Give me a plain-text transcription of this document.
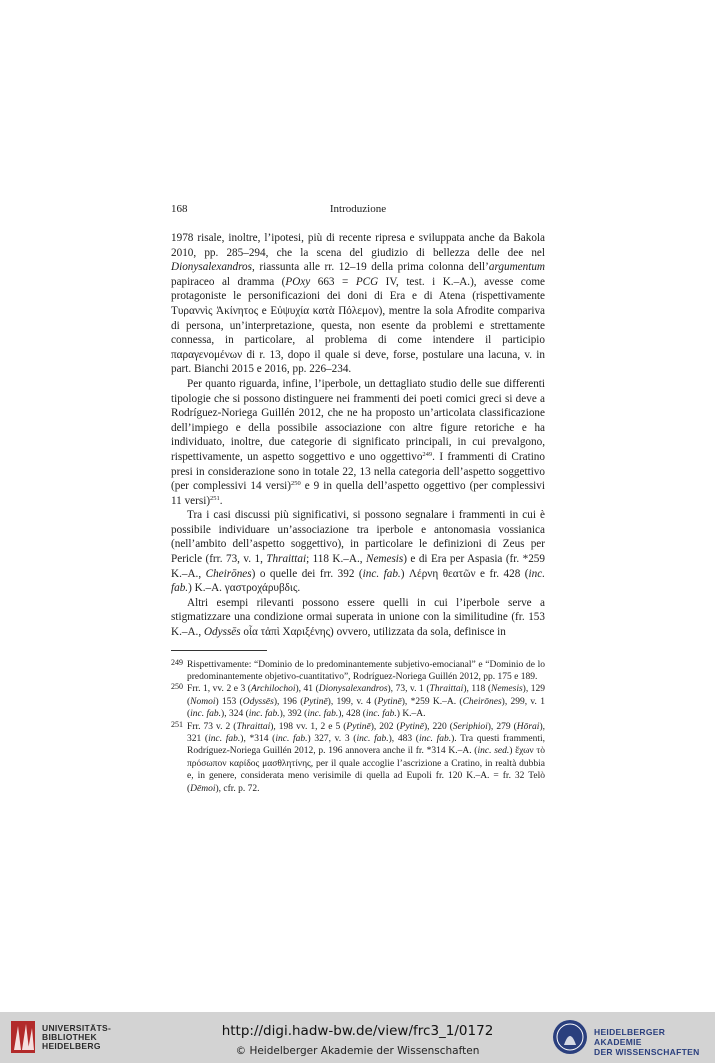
168	Introduzione

1978 risale, inoltre, l’ipotesi, più di recente ripresa e sviluppata anche da Bakola 2010, pp. 285–294, che la scena del giudizio di bellezza delle dee nel Dionysalexandros, riassunta alle rr. 12–19 della prima colonna dell’argumentum papiraceo al dramma (POxy 663 = PCG IV, test. i K.–A.), avesse come protagoniste le personificazioni dei doni di Era e di Atena (rispettivamente Τυραννὶς Ἀκίνητος e Εὐψυχία κατὰ Πόλεμον), mentre la sola Afrodite compariva di persona, un’interpretazione, questa, non esente da problemi e strettamente connessa, in particolare, al problema di come intendere il participio παραγενομένων di r. 13, dopo il quale si deve, forse, postulare una lacuna, v. in part. Bianchi 2015 e 2016, pp. 226–234.

Per quanto riguarda, infine, l’iperbole, un dettagliato studio delle sue differenti tipologie che si possono distinguere nei frammenti dei poeti comici greci si deve a Rodríguez-Noriega Guillén 2012, che ne ha proposto un’articolata classificazione dell’impiego e della possibile associazione con altre figure retoriche e ha individuato, inoltre, due categorie di significato principali, in cui prevalgono, rispettivamente, un aspetto soggettivo e uno oggettivo$^{249}$. I frammenti di Cratino presi in considerazione sono in totale 22, 13 nella categoria dell’aspetto soggettivo (per complessivi 14 versi)$^{250}$ e 9 in quella dell’aspetto oggettivo (per complessivi 11 versi)$^{251}$.

Tra i casi discussi più significativi, si possono segnalare i frammenti in cui è possibile individuare un’associazione tra iperbole e antonomasia vossianica (nell’ambito dell’aspetto soggettivo), in particolare le definizioni di Zeus per Pericle (frr. 73, v. 1, Thraittai; 118 K.–A., Nemesis) e di Era per Aspasia (fr. *259 K.–A., Cheirōnes) o quelle dei frr. 392 (inc. fab.) Λέρνη θεατῶν e fr. 428 (inc. fab.) K.–A. γαστροχάρυβδις.

Altri esempi rilevanti possono essere quelli in cui l’iperbole serve a stigmatizzare una condizione ormai superata in unione con la similitudine (fr. 153 K.–A., Odyssēs οἷα τἀπὶ Χαριξένης) ovvero, utilizzata da sola, definisce in

249 Rispettivamente: “Dominio de lo predominantemente subjetivo-emocianal” e “Dominio de lo predominantemente objetivo-cuantitativo”, Rodríguez-Noriega Guillén 2012, pp. 175 e 189.
250 Frr. 1, vv. 2 e 3 (Archilochoi), 41 (Dionysalexandros), 73, v. 1 (Thraittai), 118 (Nemesis), 129 (Nomoi) 153 (Odyssēs), 196 (Pytinē), 199, v. 4 (Pytinē), *259 K.–A. (Cheirōnes), 299, v. 1 (inc. fab.), 324 (inc. fab.), 392 (inc. fab.), 428 (inc. fab.) K.–A.
251 Frr. 73 v. 2 (Thraittai), 198 vv. 1, 2 e 5 (Pytinē), 202 (Pytinē), 220 (Seriphioi), 279 (Hōrai), 321 (inc. fab.), *314 (inc. fab.) 327, v. 3 (inc. fab.), 483 (inc. fab.). Tra questi frammenti, Rodríguez-Noriega Guillén 2012, p. 196 annovera anche il fr. *314 K.–A. (inc. sed.) ἔχων τὸ πρόσωπον καρίδος μασθλητίνης, per il quale accoglie l’ascrizione a Cratino, in realtà dubbia e, in genere, considerata meno verisimile di quella ad Eupoli fr. 120 K.–A. = fr. 32 Telò (Dēmoi), cfr. p. 72.
UNIVERSITÄTS-
BIBLIOTHEK
HEIDELBERG
http://digi.hadw-bw.de/view/frc3_1/0172
© Heidelberger Akademie der Wissenschaften
HEIDELBERGER AKADEMIE
DER WISSENSCHAFTEN
